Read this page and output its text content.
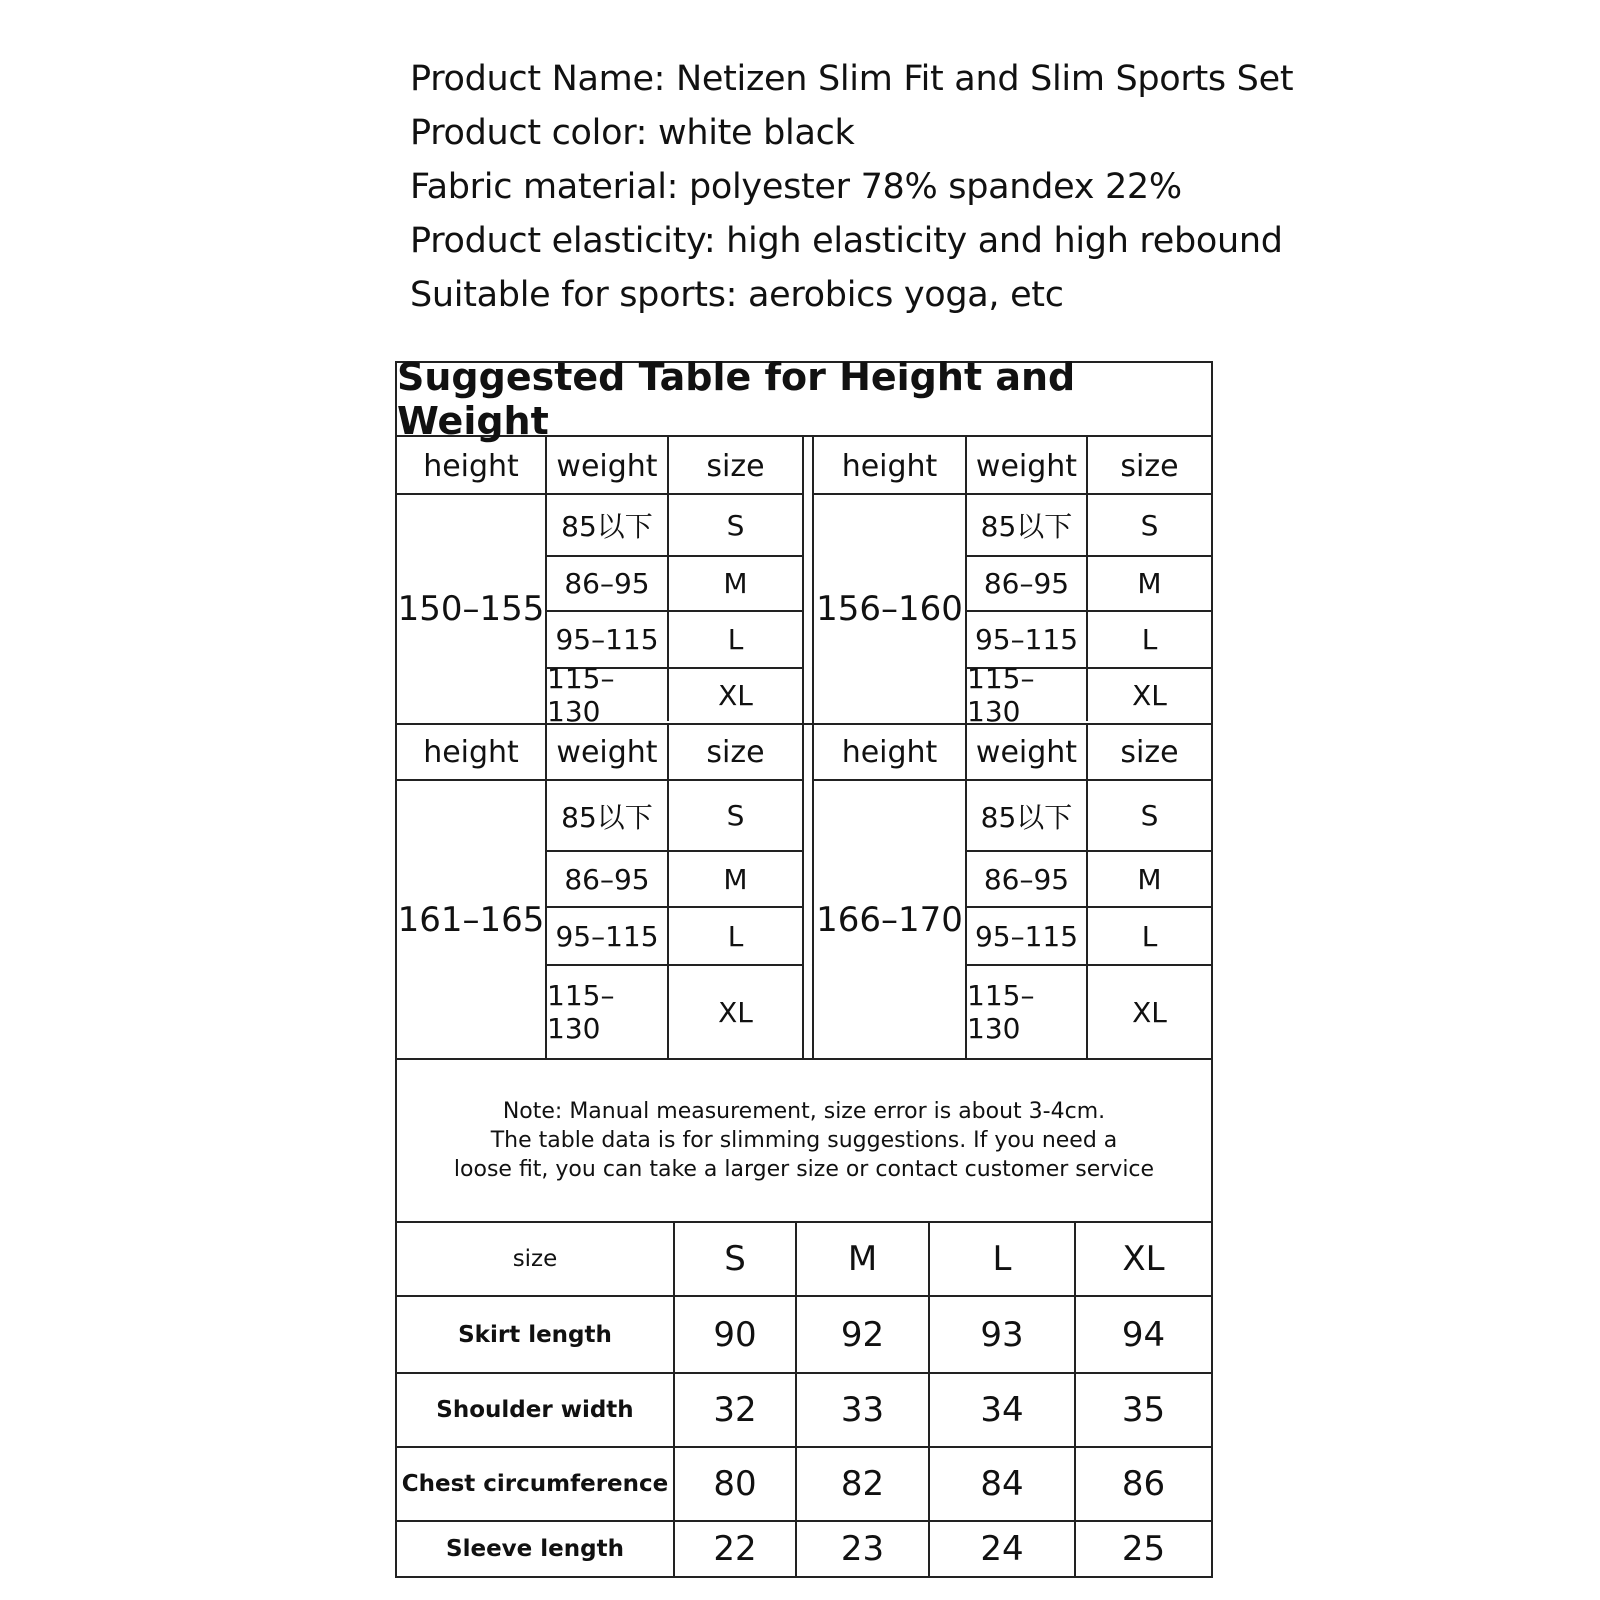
Product Name: Netizen Slim Fit and Slim Sports Set
Product color: white black
Fabric material: polyester 78% spandex 22%
Product elasticity: high elasticity and high rebound
Suitable for sports: aerobics yoga, etc
Suggested Table for Height and Weight
height	weight	size
150–155
85以下	S
86–95	M
95–115	L
115–130	XL
height	weight	size
156–160
85以下	S
86–95	M
95–115	L
115–130	XL
height	weight	size
161–165
85以下	S
86–95	M
95–115	L
115–130	XL
height	weight	size
166–170
85以下	S
86–95	M
95–115	L
115–130	XL
Note: Manual measurement, size error is about 3-4cm.
The table data is for slimming suggestions. If you need a
loose fit, you can take a larger size or contact customer service
size	S	M	L	XL
Skirt length	90	92	93	94
Shoulder width	32	33	34	35
Chest circumference	80	82	84	86
Sleeve length	22	23	24	25
